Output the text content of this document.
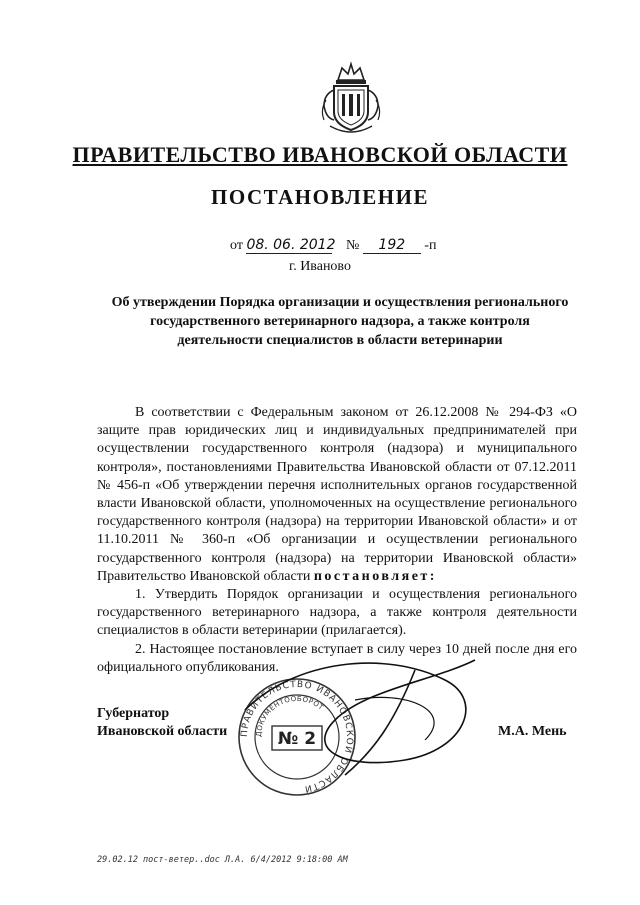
ПРАВИТЕЛЬСТВО ИВАНОВСКОЙ ОБЛАСТИ
ПОСТАНОВЛЕНИЕ
от 08. 06. 2012 № 192 -п
г. Иваново
Об утверждении Порядка организации и осуществления регионального государственного ветеринарного надзора, а также контроля деятельности специалистов в области ветеринарии

В соответствии с Федеральным законом от 26.12.2008 № 294-ФЗ «О защите прав юридических лиц и индивидуальных предпринимателей при осуществлении государственного контроля (надзора) и муниципального контроля», постановлениями Правительства Ивановской области от 07.12.2011 № 456-п «Об утверждении перечня исполнительных органов государственной власти Ивановской области, уполномоченных на осуществление регионального государственного контроля (надзора) на территории Ивановской области» и от 11.10.2011 № 360-п «Об организации и осуществлении регионального государственного контроля (надзора) на территории Ивановской области» Правительство Ивановской области постановляет:

1. Утвердить Порядок организации и осуществления регионального государственного ветеринарного надзора, а также контроля деятельности специалистов в области ветеринарии (прилагается).

2. Настоящее постановление вступает в силу через 10 дней после дня его официального опубликования.

Губернатор
Ивановской области	М.А. Мень
ПРАВИТЕЛЬСТВО ИВАНОВСКОЙ ОБЛАСТИ
ДОКУМЕНТООБОРОТ
№ 2
29.02.12 пост-ветер..doc Л.А. 6/4/2012 9:18:00 AM
